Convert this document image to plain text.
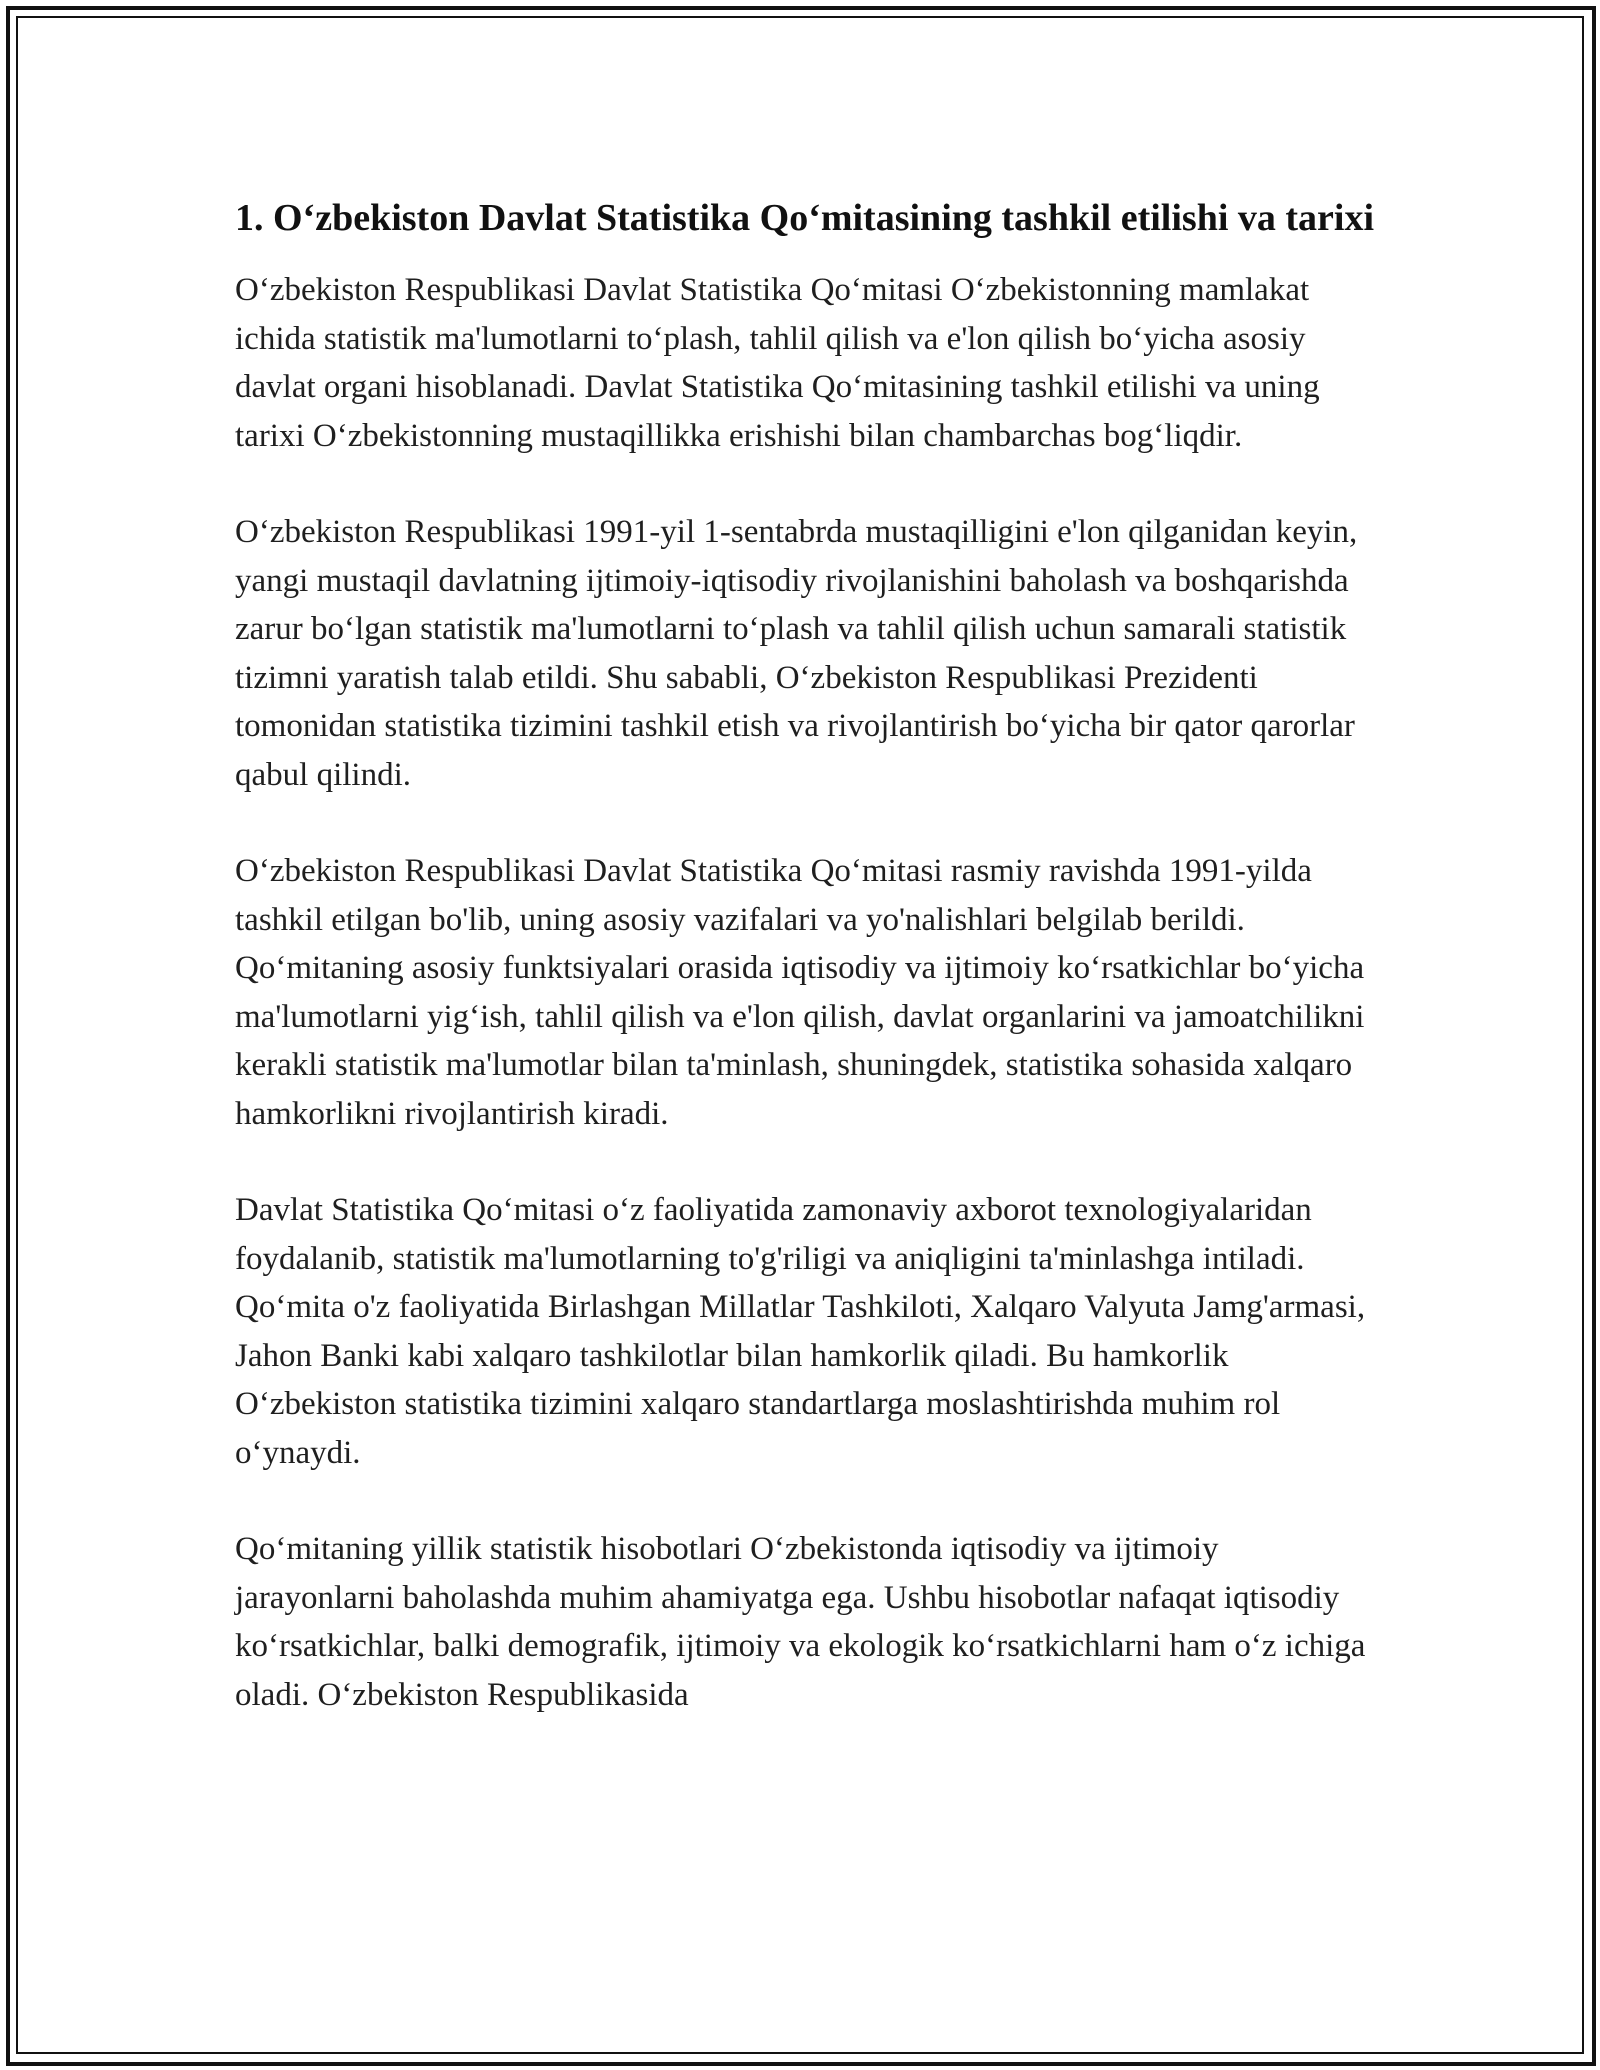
1. O‘zbekiston Davlat Statistika Qo‘mitasining tashkil etilishi va tarixi

O‘zbekiston Respublikasi Davlat Statistika Qo‘mitasi O‘zbekistonning mamlakat ichida statistik ma'lumotlarni to‘plash, tahlil qilish va e'lon qilish bo‘yicha asosiy davlat organi hisoblanadi. Davlat Statistika Qo‘mitasining tashkil etilishi va uning tarixi O‘zbekistonning mustaqillikka erishishi bilan chambarchas bog‘liqdir.

O‘zbekiston Respublikasi 1991-yil 1-sentabrda mustaqilligini e'lon qilganidan keyin, yangi mustaqil davlatning ijtimoiy-iqtisodiy rivojlanishini baholash va boshqarishda zarur bo‘lgan statistik ma'lumotlarni to‘plash va tahlil qilish uchun samarali statistik tizimni yaratish talab etildi. Shu sababli, O‘zbekiston Respublikasi Prezidenti tomonidan statistika tizimini tashkil etish va rivojlantirish bo‘yicha bir qator qarorlar qabul qilindi.

O‘zbekiston Respublikasi Davlat Statistika Qo‘mitasi rasmiy ravishda 1991-yilda tashkil etilgan bo'lib, uning asosiy vazifalari va yo'nalishlari belgilab berildi. Qo‘mitaning asosiy funktsiyalari orasida iqtisodiy va ijtimoiy ko‘rsatkichlar bo‘yicha ma'lumotlarni yig‘ish, tahlil qilish va e'lon qilish, davlat organlarini va jamoatchilikni kerakli statistik ma'lumotlar bilan ta'minlash, shuningdek, statistika sohasida xalqaro hamkorlikni rivojlantirish kiradi.

Davlat Statistika Qo‘mitasi o‘z faoliyatida zamonaviy axborot texnologiyalaridan foydalanib, statistik ma'lumotlarning to'g'riligi va aniqligini ta'minlashga intiladi. Qo‘mita o'z faoliyatida Birlashgan Millatlar Tashkiloti, Xalqaro Valyuta Jamg'armasi, Jahon Banki kabi xalqaro tashkilotlar bilan hamkorlik qiladi. Bu hamkorlik O‘zbekiston statistika tizimini xalqaro standartlarga moslashtirishda muhim rol o‘ynaydi.

Qo‘mitaning yillik statistik hisobotlari O‘zbekistonda iqtisodiy va ijtimoiy jarayonlarni baholashda muhim ahamiyatga ega. Ushbu hisobotlar nafaqat iqtisodiy ko‘rsatkichlar, balki demografik, ijtimoiy va ekologik ko‘rsatkichlarni ham o‘z ichiga oladi. O‘zbekiston Respublikasida
